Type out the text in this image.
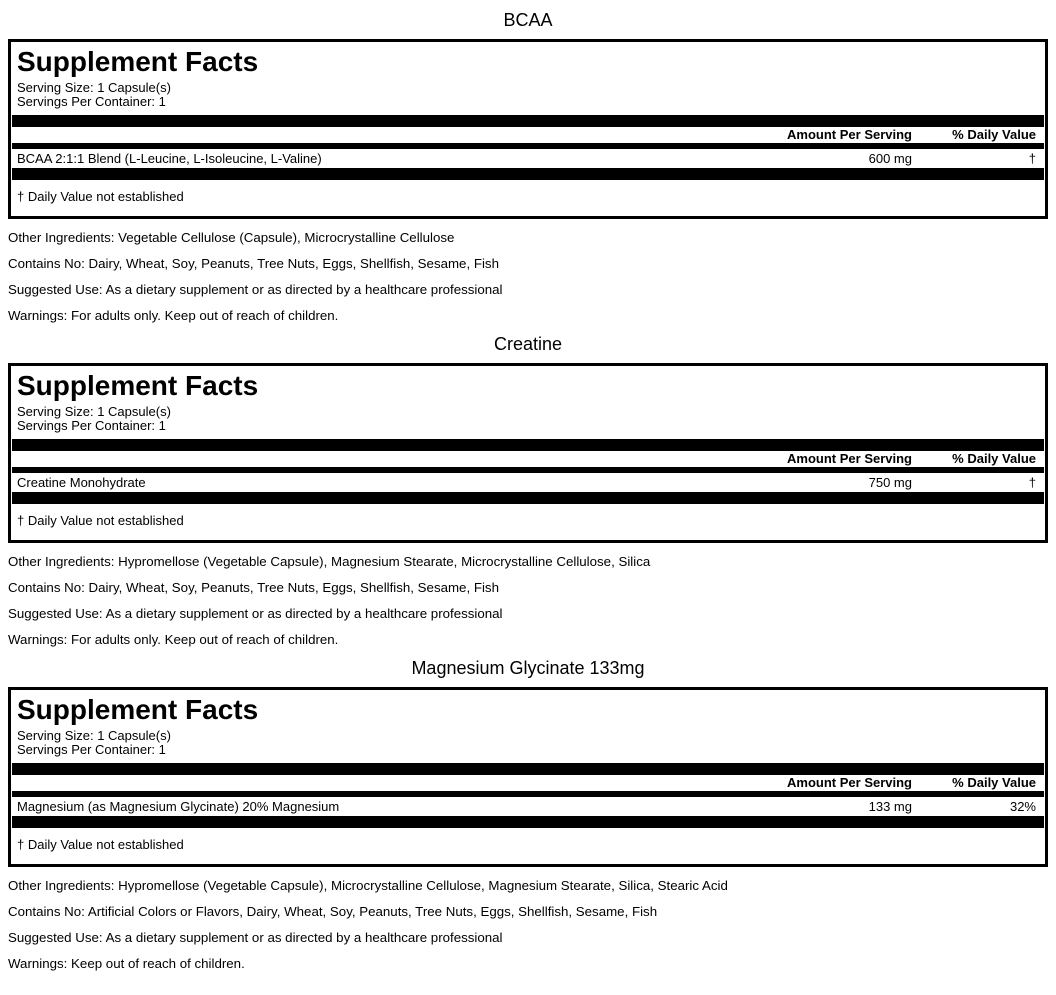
BCAA
Supplement Facts
Serving Size: 1 Capsule(s)
Servings Per Container: 1
Amount Per Serving	% Daily Value
BCAA 2:1:1 Blend (L-Leucine, L-Isoleucine, L-Valine)	600 mg	†
† Daily Value not established

Other Ingredients: Vegetable Cellulose (Capsule), Microcrystalline Cellulose

Contains No: Dairy, Wheat, Soy, Peanuts, Tree Nuts, Eggs, Shellfish, Sesame, Fish

Suggested Use: As a dietary supplement or as directed by a healthcare professional

Warnings: For adults only. Keep out of reach of children.

Creatine
Supplement Facts
Serving Size: 1 Capsule(s)
Servings Per Container: 1
Amount Per Serving	% Daily Value
Creatine Monohydrate	750 mg	†
† Daily Value not established

Other Ingredients: Hypromellose (Vegetable Capsule), Magnesium Stearate, Microcrystalline Cellulose, Silica

Contains No: Dairy, Wheat, Soy, Peanuts, Tree Nuts, Eggs, Shellfish, Sesame, Fish

Suggested Use: As a dietary supplement or as directed by a healthcare professional

Warnings: For adults only. Keep out of reach of children.

Magnesium Glycinate 133mg
Supplement Facts
Serving Size: 1 Capsule(s)
Servings Per Container: 1
Amount Per Serving	% Daily Value
Magnesium (as Magnesium Glycinate) 20% Magnesium	133 mg	32%
† Daily Value not established

Other Ingredients: Hypromellose (Vegetable Capsule), Microcrystalline Cellulose, Magnesium Stearate, Silica, Stearic Acid

Contains No: Artificial Colors or Flavors, Dairy, Wheat, Soy, Peanuts, Tree Nuts, Eggs, Shellfish, Sesame, Fish

Suggested Use: As a dietary supplement or as directed by a healthcare professional

Warnings: Keep out of reach of children.
